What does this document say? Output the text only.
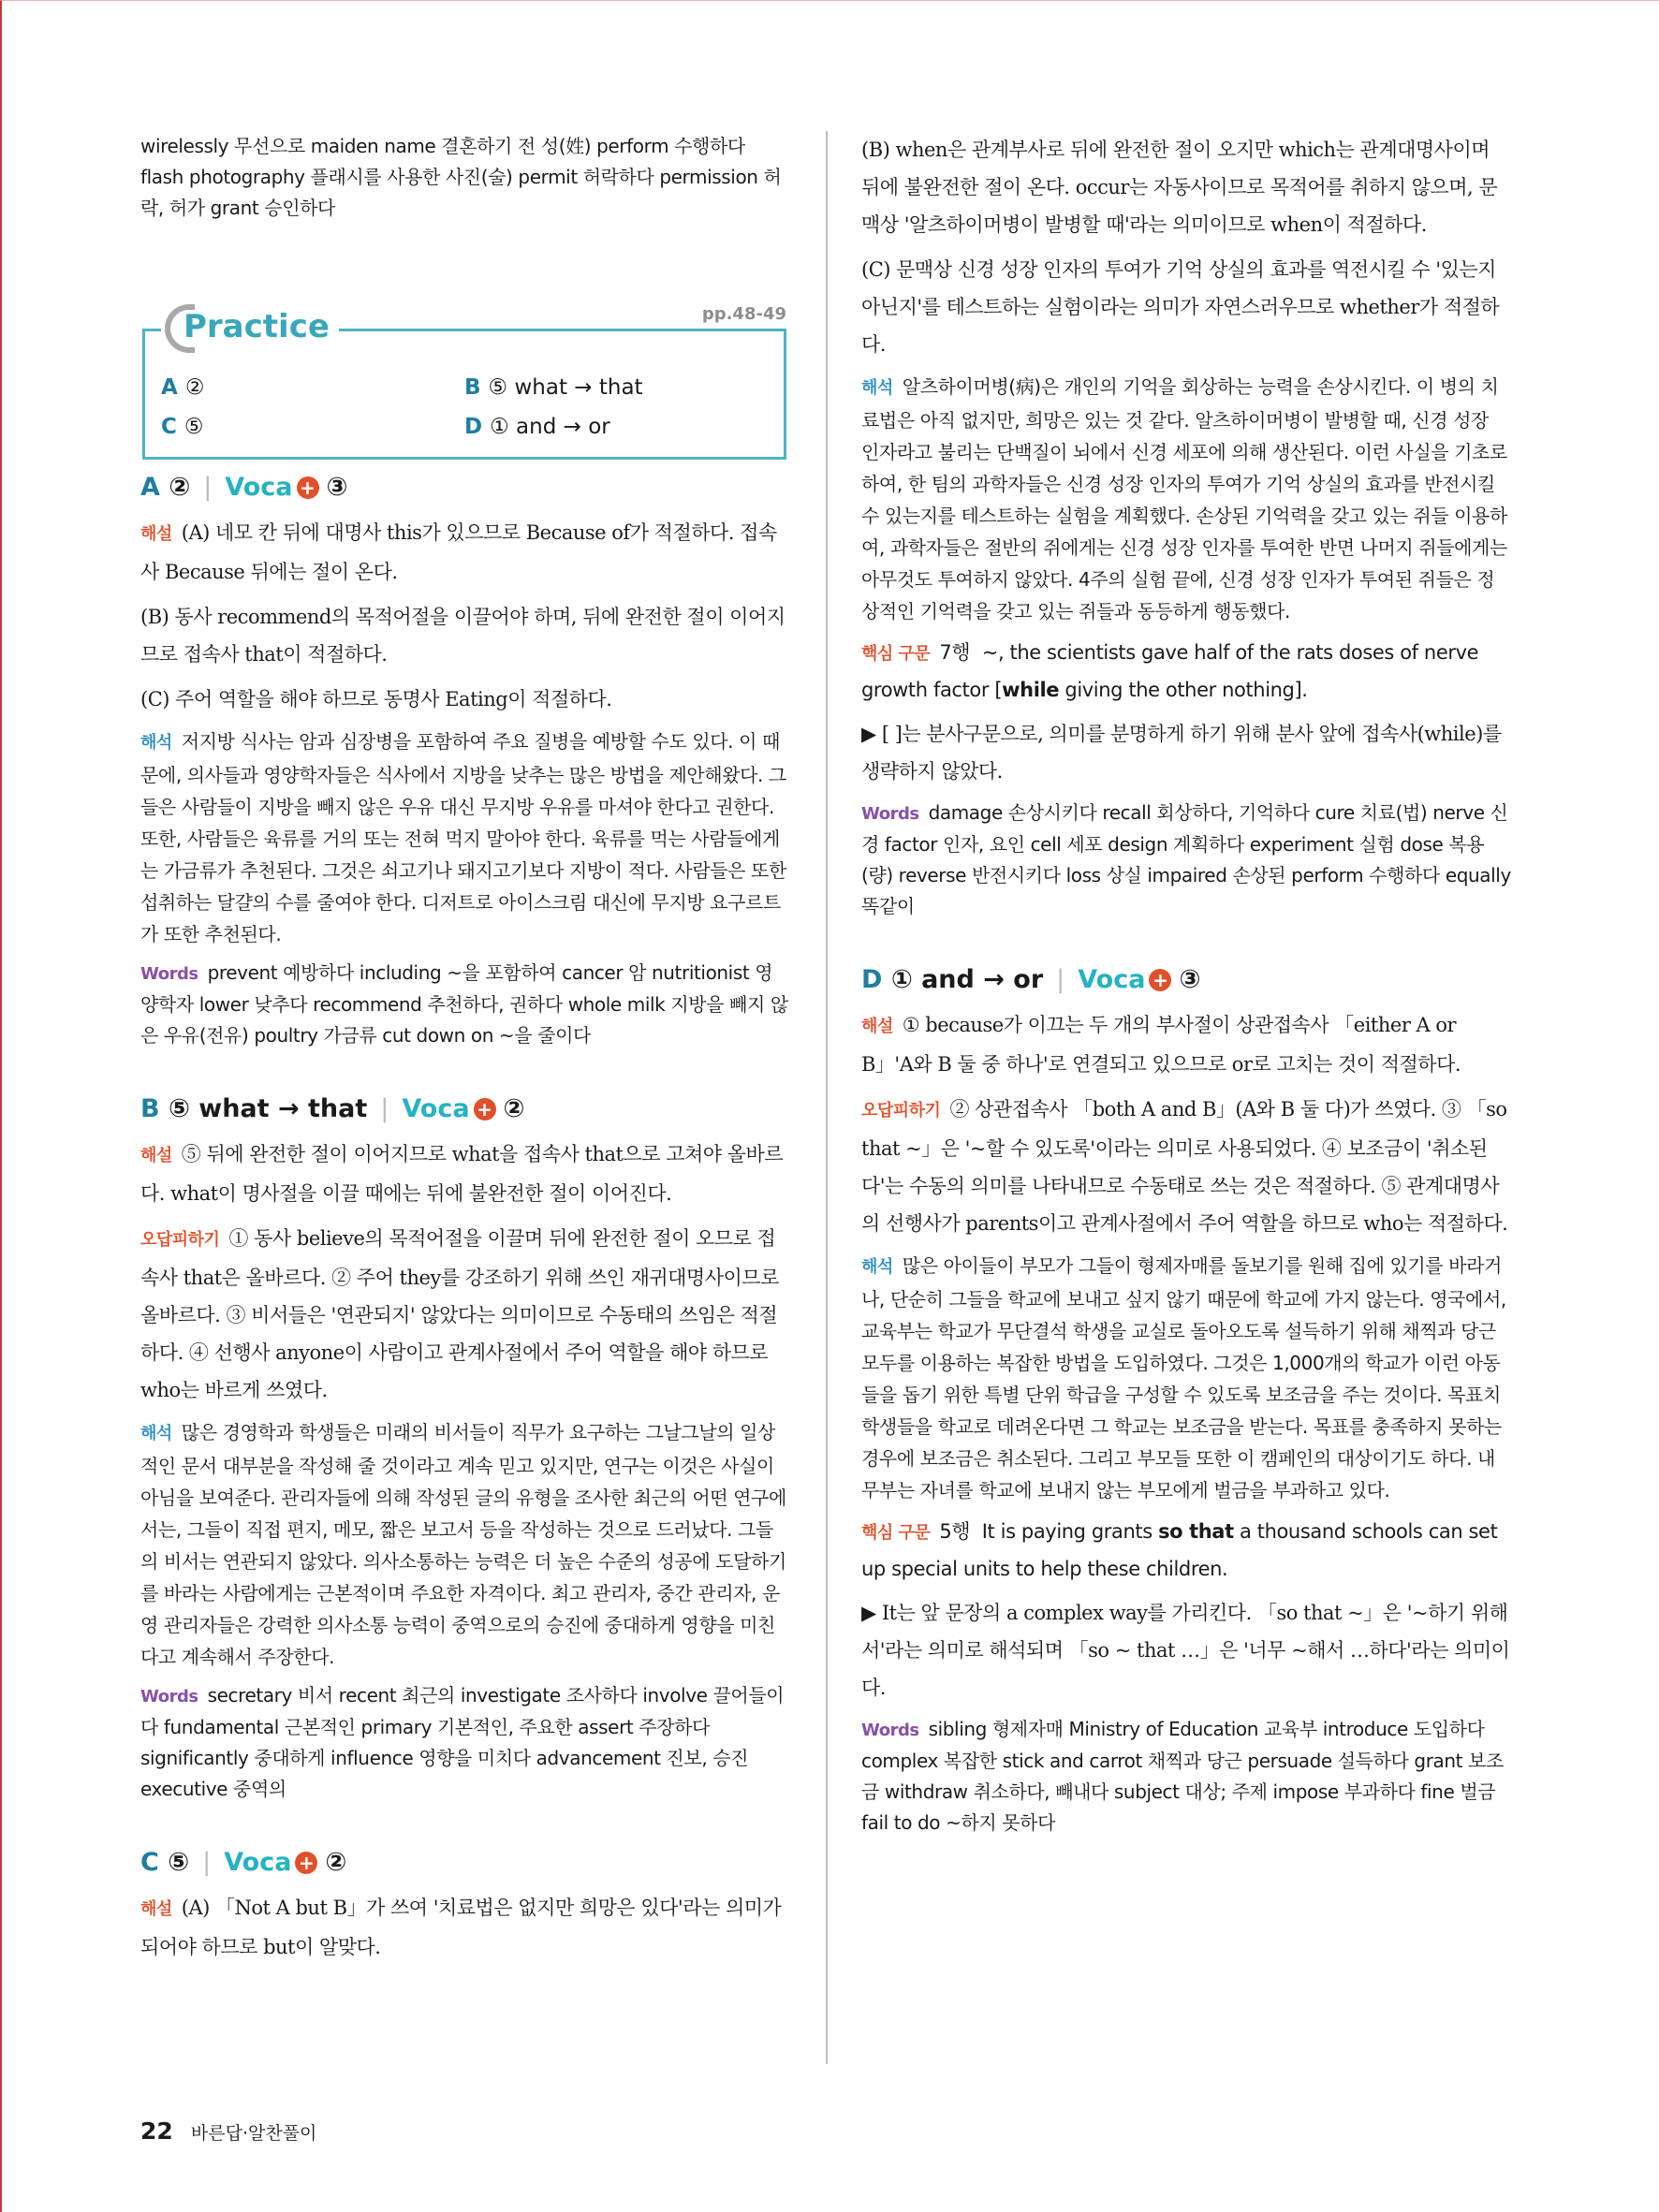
wirelessly 무선으로 maiden name 결혼하기 전 성(姓) perform 수행하다 flash photography 플래시를 사용한 사진(술) permit 허락하다 permission 허락, 허가 grant 승인하다

Practice	pp.48-49
A ②	B ⑤ what → that
C ⑤	D ① and → or
A
② | Voca + ③

해설 (A) 네모 칸 뒤에 대명사 this가 있으므로 Because of가 적절하다. 접속사 Because 뒤에는 절이 온다.

(B) 동사 recommend의 목적어절을 이끌어야 하며, 뒤에 완전한 절이 이어지므로 접속사 that이 적절하다.

(C) 주어 역할을 해야 하므로 동명사 Eating이 적절하다.

해석 저지방 식사는 암과 심장병을 포함하여 주요 질병을 예방할 수도 있다. 이 때문에, 의사들과 영양학자들은 식사에서 지방을 낮추는 많은 방법을 제안해왔다. 그들은 사람들이 지방을 빼지 않은 우유 대신 무지방 우유를 마셔야 한다고 권한다. 또한, 사람들은 육류를 거의 또는 전혀 먹지 말아야 한다. 육류를 먹는 사람들에게는 가금류가 추천된다. 그것은 쇠고기나 돼지고기보다 지방이 적다. 사람들은 또한 섭취하는 달걀의 수를 줄여야 한다. 디저트로 아이스크림 대신에 무지방 요구르트가 또한 추천된다.

Words prevent 예방하다 including ~을 포함하여 cancer 암 nutritionist 영양학자 lower 낮추다 recommend 추천하다, 권하다 whole milk 지방을 빼지 않은 우유(전유) poultry 가금류 cut down on ~을 줄이다

B
⑤ what → that | Voca + ②

해설 ⑤ 뒤에 완전한 절이 이어지므로 what을 접속사 that으로 고쳐야 올바르다. what이 명사절을 이끌 때에는 뒤에 불완전한 절이 이어진다.

오답피하기 ① 동사 believe의 목적어절을 이끌며 뒤에 완전한 절이 오므로 접속사 that은 올바르다. ② 주어 they를 강조하기 위해 쓰인 재귀대명사이므로 올바르다. ③ 비서들은 '연관되지' 않았다는 의미이므로 수동태의 쓰임은 적절하다. ④ 선행사 anyone이 사람이고 관계사절에서 주어 역할을 해야 하므로 who는 바르게 쓰였다.

해석 많은 경영학과 학생들은 미래의 비서들이 직무가 요구하는 그날그날의 일상적인 문서 대부분을 작성해 줄 것이라고 계속 믿고 있지만, 연구는 이것은 사실이 아님을 보여준다. 관리자들에 의해 작성된 글의 유형을 조사한 최근의 어떤 연구에서는, 그들이 직접 편지, 메모, 짧은 보고서 등을 작성하는 것으로 드러났다. 그들의 비서는 연관되지 않았다. 의사소통하는 능력은 더 높은 수준의 성공에 도달하기를 바라는 사람에게는 근본적이며 주요한 자격이다. 최고 관리자, 중간 관리자, 운영 관리자들은 강력한 의사소통 능력이 중역으로의 승진에 중대하게 영향을 미친다고 계속해서 주장한다.

Words secretary 비서 recent 최근의 investigate 조사하다 involve 끌어들이다 fundamental 근본적인 primary 기본적인, 주요한 assert 주장하다 significantly 중대하게 influence 영향을 미치다 advancement 진보, 승진 executive 중역의

C
⑤ | Voca + ②

해설 (A) 「Not A but B」가 쓰여 '치료법은 없지만 희망은 있다'라는 의미가 되어야 하므로 but이 알맞다.

(B) when은 관계부사로 뒤에 완전한 절이 오지만 which는 관계대명사이며 뒤에 불완전한 절이 온다. occur는 자동사이므로 목적어를 취하지 않으며, 문맥상 '알츠하이머병이 발병할 때'라는 의미이므로 when이 적절하다.

(C) 문맥상 신경 성장 인자의 투여가 기억 상실의 효과를 역전시킬 수 '있는지 아닌지'를 테스트하는 실험이라는 의미가 자연스러우므로 whether가 적절하다.

해석 알츠하이머병(病)은 개인의 기억을 회상하는 능력을 손상시킨다. 이 병의 치료법은 아직 없지만, 희망은 있는 것 같다. 알츠하이머병이 발병할 때, 신경 성장 인자라고 불리는 단백질이 뇌에서 신경 세포에 의해 생산된다. 이런 사실을 기초로 하여, 한 팀의 과학자들은 신경 성장 인자의 투여가 기억 상실의 효과를 반전시킬 수 있는지를 테스트하는 실험을 계획했다. 손상된 기억력을 갖고 있는 쥐들 이용하여, 과학자들은 절반의 쥐에게는 신경 성장 인자를 투여한 반면 나머지 쥐들에게는 아무것도 투여하지 않았다. 4주의 실험 끝에, 신경 성장 인자가 투여된 쥐들은 정상적인 기억력을 갖고 있는 쥐들과 동등하게 행동했다.

핵심 구문 7행 ~, the scientists gave half of the rats doses of nerve growth factor [while giving the other nothing].

▶ [ ]는 분사구문으로, 의미를 분명하게 하기 위해 분사 앞에 접속사(while)를 생략하지 않았다.

Words damage 손상시키다 recall 회상하다, 기억하다 cure 치료(법) nerve 신경 factor 인자, 요인 cell 세포 design 계획하다 experiment 실험 dose 복용(량) reverse 반전시키다 loss 상실 impaired 손상된 perform 수행하다 equally 똑같이

D
① and → or | Voca + ③

해설 ① because가 이끄는 두 개의 부사절이 상관접속사 「either A or B」'A와 B 둘 중 하나'로 연결되고 있으므로 or로 고치는 것이 적절하다.

오답피하기 ② 상관접속사 「both A and B」(A와 B 둘 다)가 쓰였다. ③ 「so that ~」은 '~할 수 있도록'이라는 의미로 사용되었다. ④ 보조금이 '취소된다'는 수동의 의미를 나타내므로 수동태로 쓰는 것은 적절하다. ⑤ 관계대명사의 선행사가 parents이고 관계사절에서 주어 역할을 하므로 who는 적절하다.

해석 많은 아이들이 부모가 그들이 형제자매를 돌보기를 원해 집에 있기를 바라거나, 단순히 그들을 학교에 보내고 싶지 않기 때문에 학교에 가지 않는다. 영국에서, 교육부는 학교가 무단결석 학생을 교실로 돌아오도록 설득하기 위해 채찍과 당근 모두를 이용하는 복잡한 방법을 도입하였다. 그것은 1,000개의 학교가 이런 아동들을 돕기 위한 특별 단위 학급을 구성할 수 있도록 보조금을 주는 것이다. 목표치 학생들을 학교로 데려온다면 그 학교는 보조금을 받는다. 목표를 충족하지 못하는 경우에 보조금은 취소된다. 그리고 부모들 또한 이 캠페인의 대상이기도 하다. 내무부는 자녀를 학교에 보내지 않는 부모에게 벌금을 부과하고 있다.

핵심 구문 5행 It is paying grants so that a thousand schools can set up special units to help these children.

▶ It는 앞 문장의 a complex way를 가리킨다. 「so that ~」은 '~하기 위해서'라는 의미로 해석되며 「so ~ that …」은 '너무 ~해서 …하다'라는 의미이다.

Words sibling 형제자매 Ministry of Education 교육부 introduce 도입하다 complex 복잡한 stick and carrot 채찍과 당근 persuade 설득하다 grant 보조금 withdraw 취소하다, 빼내다 subject 대상; 주제 impose 부과하다 fine 벌금 fail to do ~하지 못하다

22 바른답·알찬풀이
